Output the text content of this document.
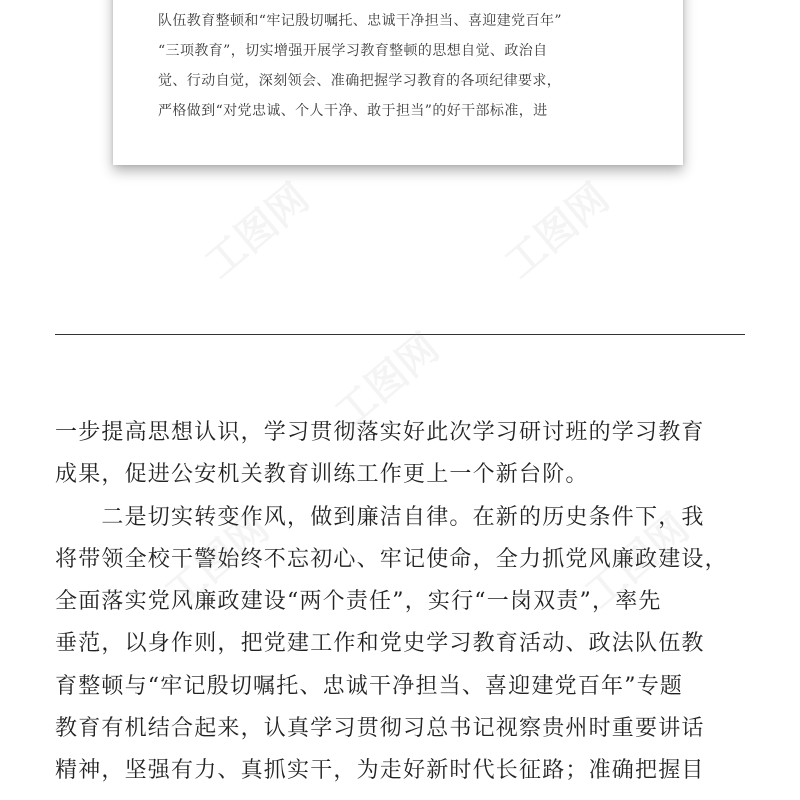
队伍教育整顿和“牢记殷切嘱托、忠诚干净担当、喜迎建党百年”
“三项教育”，切实增强开展学习教育整顿的思想自觉、政治自
觉、行动自觉，深刻领会、准确把握学习教育的各项纪律要求，
严格做到“对党忠诚、个人干净、敢于担当”的好干部标准，进
一步提高思想认识，学习贯彻落实好此次学习研讨班的学习教育
成果，促进公安机关教育训练工作更上一个新台阶。
　　二是切实转变作风，做到廉洁自律。在新的历史条件下，我
将带领全校干警始终不忘初心、牢记使命，全力抓党风廉政建设，
全面落实党风廉政建设“两个责任”，实行“一岗双责”，率先
垂范，以身作则，把党建工作和党史学习教育活动、政法队伍教
育整顿与“牢记殷切嘱托、忠诚干净担当、喜迎建党百年”专题
教育有机结合起来，认真学习贯彻习总书记视察贵州时重要讲话
精神，坚强有力、真抓实干，为走好新时代长征路；准确把握目
工图网	工图网
工图网
工图网	工图网
